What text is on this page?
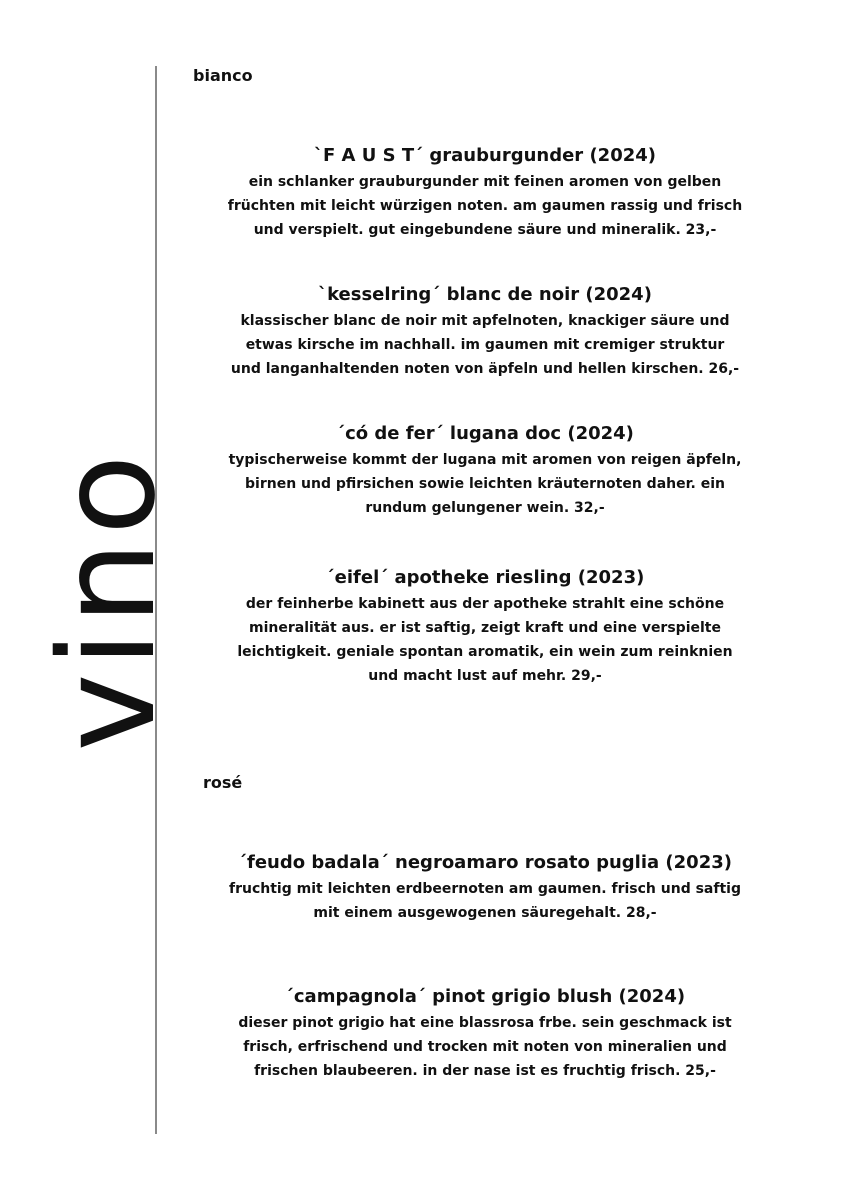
vino
bianco
`F A U S T´ grauburgunder (2024)
ein schlanker grauburgunder mit feinen aromen von gelben
früchten mit leicht würzigen noten. am gaumen rassig und frisch
und verspielt. gut eingebundene säure und mineralik. 23,-
`kesselring´ blanc de noir (2024)
klassischer blanc de noir mit apfelnoten, knackiger säure und
etwas kirsche im nachhall. im gaumen mit cremiger struktur
und langanhaltenden noten von äpfeln und hellen kirschen. 26,-
´có de fer´ lugana doc (2024)
typischerweise kommt der lugana mit aromen von reigen äpfeln,
birnen und pfirsichen sowie leichten kräuternoten daher. ein
rundum gelungener wein. 32,-
´eifel´ apotheke riesling (2023)
der feinherbe kabinett aus der apotheke strahlt eine schöne
mineralität aus. er ist saftig, zeigt kraft und eine verspielte
leichtigkeit. geniale spontan aromatik, ein wein zum reinknien
und macht lust auf mehr. 29,-
rosé
´feudo badala´ negroamaro rosato puglia (2023)
fruchtig mit leichten erdbeernoten am gaumen. frisch und saftig
mit einem ausgewogenen säuregehalt. 28,-
´campagnola´ pinot grigio blush (2024)
dieser pinot grigio hat eine blassrosa frbe. sein geschmack ist
frisch, erfrischend und trocken mit noten von mineralien und
frischen blaubeeren. in der nase ist es fruchtig frisch. 25,-
